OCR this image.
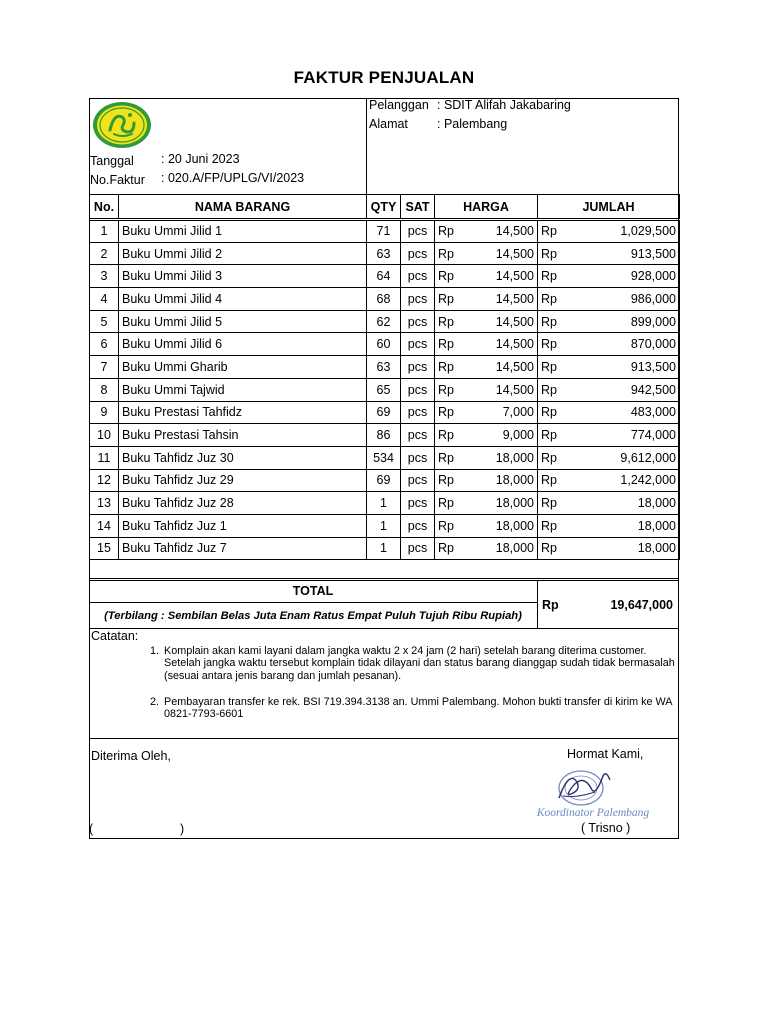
FAKTUR PENJUALAN
Tanggal : 20 Juni 2023
No.Faktur : 020.A/FP/UPLG/VI/2023
Pelanggan : SDIT Alifah Jakabaring
Alamat : Palembang
No.	NAMA BARANG	QTY	SAT	HARGA		JUMLAH	
1	Buku Ummi Jilid 1	71	pcs	Rp	14,500	Rp	1,029,500
2	Buku Ummi Jilid 2	63	pcs	Rp	14,500	Rp	913,500
3	Buku Ummi Jilid 3	64	pcs	Rp	14,500	Rp	928,000
4	Buku Ummi Jilid 4	68	pcs	Rp	14,500	Rp	986,000
5	Buku Ummi Jilid 5	62	pcs	Rp	14,500	Rp	899,000
6	Buku Ummi Jilid 6	60	pcs	Rp	14,500	Rp	870,000
7	Buku Ummi Gharib	63	pcs	Rp	14,500	Rp	913,500
8	Buku Ummi Tajwid	65	pcs	Rp	14,500	Rp	942,500
9	Buku Prestasi Tahfidz	69	pcs	Rp	7,000	Rp	483,000
10	Buku Prestasi Tahsin	86	pcs	Rp	9,000	Rp	774,000
11	Buku Tahfidz Juz 30	534	pcs	Rp	18,000	Rp	9,612,000
12	Buku Tahfidz Juz 29	69	pcs	Rp	18,000	Rp	1,242,000
13	Buku Tahfidz Juz 28	1	pcs	Rp	18,000	Rp	18,000
14	Buku Tahfidz Juz 1	1	pcs	Rp	18,000	Rp	18,000
15	Buku Tahfidz Juz 7	1	pcs	Rp	18,000	Rp	18,000
TOTAL
(Terbilang : Sembilan Belas Juta Enam Ratus Empat Puluh Tujuh Ribu Rupiah)
Rp	19,647,000
Catatan:
1. Komplain akan kami layani dalam jangka waktu 2 x 24 jam (2 hari) setelah barang diterima customer. Setelah jangka waktu tersebut komplain tidak dilayani dan status barang dianggap sudah tidak bermasalah (sesuai antara jenis barang dan jumlah pesanan).
2. Pembayaran transfer ke rek. BSI 719.394.3138 an. Ummi Palembang. Mohon bukti transfer di kirim ke WA 0821-7793-6601
Diterima Oleh,	Hormat Kami,
Koordinator Palembang
(	)	( Trisno )
